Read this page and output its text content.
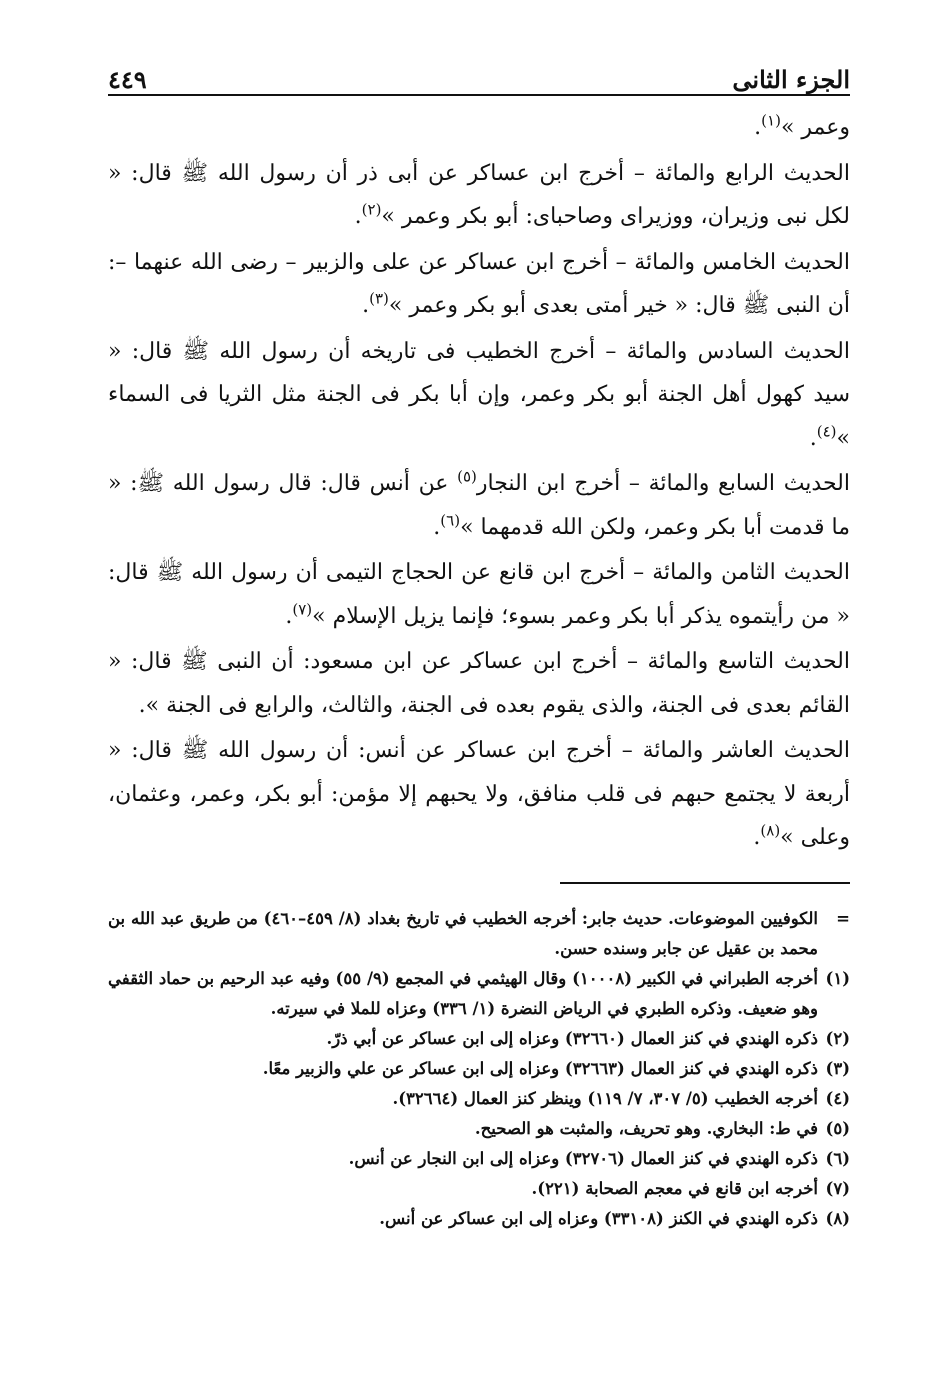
الجزء الثانى
٤٤٩

وعمر »$^{(١)}$.

الحديث الرابع والمائة – أخرج ابن عساكر عن أبى ذر أن رسول الله ﷺ قال: « لكل نبى وزيران، ووزيراى وصاحباى: أبو بكر وعمر »$^{(٢)}$.

الحديث الخامس والمائة – أخرج ابن عساكر عن على والزبير – رضى الله عنهما –: أن النبى ﷺ قال: « خير أمتى بعدى أبو بكر وعمر »$^{(٣)}$.

الحديث السادس والمائة – أخرج الخطيب فى تاريخه أن رسول الله ﷺ قال: « سيد كهول أهل الجنة أبو بكر وعمر، وإن أبا بكر فى الجنة مثل الثريا فى السماء »$^{(٤)}$.

الحديث السابع والمائة – أخرج ابن النجار$^{(٥)}$ عن أنس قال: قال رسول الله ﷺ: « ما قدمت أبا بكر وعمر، ولكن الله قدمهما »$^{(٦)}$.

الحديث الثامن والمائة – أخرج ابن قانع عن الحجاج التيمى أن رسول الله ﷺ قال: « من رأيتموه يذكر أبا بكر وعمر بسوء؛ فإنما يزيل الإسلام »$^{(٧)}$.

الحديث التاسع والمائة – أخرج ابن عساكر عن ابن مسعود: أن النبى ﷺ قال: « القائم بعدى فى الجنة، والذى يقوم بعده فى الجنة، والثالث، والرابع فى الجنة ».

الحديث العاشر والمائة – أخرج ابن عساكر عن أنس: أن رسول الله ﷺ قال: « أربعة لا يجتمع حبهم فى قلب منافق، ولا يحبهم إلا مؤمن: أبو بكر، وعمر، وعثمان، وعلى »$^{(٨)}$.

=
الكوفيين الموضوعات. حديث جابر: أخرجه الخطيب في تاريخ بغداد (٨/ ٤٥٩–٤٦٠) من طريق عبد الله بن محمد بن عقيل عن جابر وسنده حسن.
(١)
أخرجه الطبراني في الكبير (١٠٠٠٨) وقال الهيثمي في المجمع (٩/ ٥٥) وفيه عبد الرحيم بن حماد الثقفي وهو ضعيف. وذكره الطبري في الرياض النضرة (١/ ٣٣٦) وعزاه للملا في سيرته.
(٢)
ذكره الهندي في كنز العمال (٣٢٦٦٠) وعزاه إلى ابن عساكر عن أبي ذرّ.
(٣)
ذكره الهندي في كنز العمال (٣٢٦٦٣) وعزاه إلى ابن عساكر عن علي والزبير معًا.
(٤)
أخرجه الخطيب (٥/ ٣٠٧، ٧/ ١١٩) وينظر كنز العمال (٣٢٦٦٤).
(٥)
في ط: البخاري. وهو تحريف، والمثبت هو الصحيح.
(٦)
ذكره الهندي في كنز العمال (٣٢٧٠٦) وعزاه إلى ابن النجار عن أنس.
(٧)
أخرجه ابن قانع في معجم الصحابة (٢٢١).
(٨)
ذكره الهندي في الكنز (٣٣١٠٨) وعزاه إلى ابن عساكر عن أنس.
